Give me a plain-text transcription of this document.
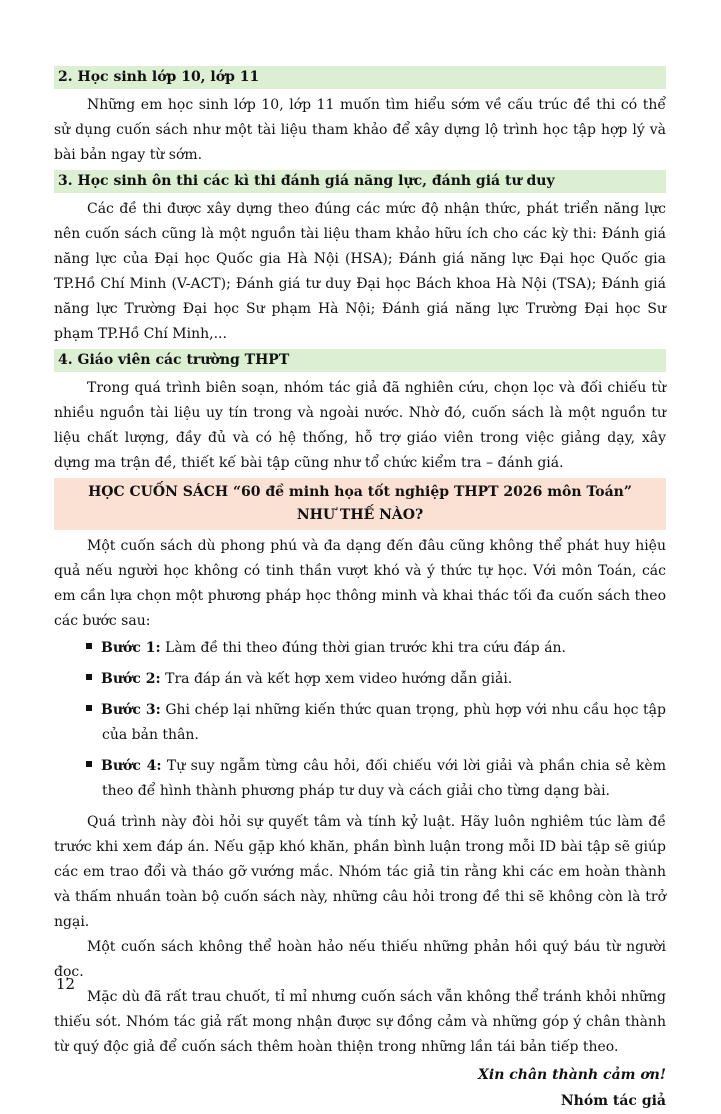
2. Học sinh lớp 10, lớp 11

Những em học sinh lớp 10, lớp 11 muốn tìm hiểu sớm về cấu trúc đề thi có thể sử dụng cuốn sách như một tài liệu tham khảo để xây dựng lộ trình học tập hợp lý và bài bản ngay từ sớm.

3. Học sinh ôn thi các kì thi đánh giá năng lực, đánh giá tư duy

Các đề thi được xây dựng theo đúng các mức độ nhận thức, phát triển năng lực nên cuốn sách cũng là một nguồn tài liệu tham khảo hữu ích cho các kỳ thi: Đánh giá năng lực của Đại học Quốc gia Hà Nội (HSA); Đánh giá năng lực Đại học Quốc gia TP.Hồ Chí Minh (V-ACT); Đánh giá tư duy Đại học Bách khoa Hà Nội (TSA); Đánh giá năng lực Trường Đại học Sư phạm Hà Nội; Đánh giá năng lực Trường Đại học Sư phạm TP.Hồ Chí Minh,...

4. Giáo viên các trường THPT

Trong quá trình biên soạn, nhóm tác giả đã nghiên cứu, chọn lọc và đối chiếu từ nhiều nguồn tài liệu uy tín trong và ngoài nước. Nhờ đó, cuốn sách là một nguồn tư liệu chất lượng, đầy đủ và có hệ thống, hỗ trợ giáo viên trong việc giảng dạy, xây dựng ma trận đề, thiết kế bài tập cũng như tổ chức kiểm tra – đánh giá.

HỌC CUỐN SÁCH “60 đề minh họa tốt nghiệp THPT 2026 môn Toán” NHƯ THẾ NÀO?

Một cuốn sách dù phong phú và đa dạng đến đâu cũng không thể phát huy hiệu quả nếu người học không có tinh thần vượt khó và ý thức tự học. Với môn Toán, các em cần lựa chọn một phương pháp học thông minh và khai thác tối đa cuốn sách theo các bước sau:

Bước 1: Làm đề thi theo đúng thời gian trước khi tra cứu đáp án.
Bước 2: Tra đáp án và kết hợp xem video hướng dẫn giải.
Bước 3: Ghi chép lại những kiến thức quan trọng, phù hợp với nhu cầu học tập của bản thân.
Bước 4: Tự suy ngẫm từng câu hỏi, đối chiếu với lời giải và phần chia sẻ kèm theo để hình thành phương pháp tư duy và cách giải cho từng dạng bài.

Quá trình này đòi hỏi sự quyết tâm và tính kỷ luật. Hãy luôn nghiêm túc làm đề trước khi xem đáp án. Nếu gặp khó khăn, phần bình luận trong mỗi ID bài tập sẽ giúp các em trao đổi và tháo gỡ vướng mắc. Nhóm tác giả tin rằng khi các em hoàn thành và thấm nhuần toàn bộ cuốn sách này, những câu hỏi trong đề thi sẽ không còn là trở ngại.

Một cuốn sách không thể hoàn hảo nếu thiếu những phản hồi quý báu từ người đọc.

Mặc dù đã rất trau chuốt, tỉ mỉ nhưng cuốn sách vẫn không thể tránh khỏi những thiếu sót. Nhóm tác giả rất mong nhận được sự đồng cảm và những góp ý chân thành từ quý độc giả để cuốn sách thêm hoàn thiện trong những lần tái bản tiếp theo.

Xin chân thành cảm ơn!
Nhóm tác giả
12
